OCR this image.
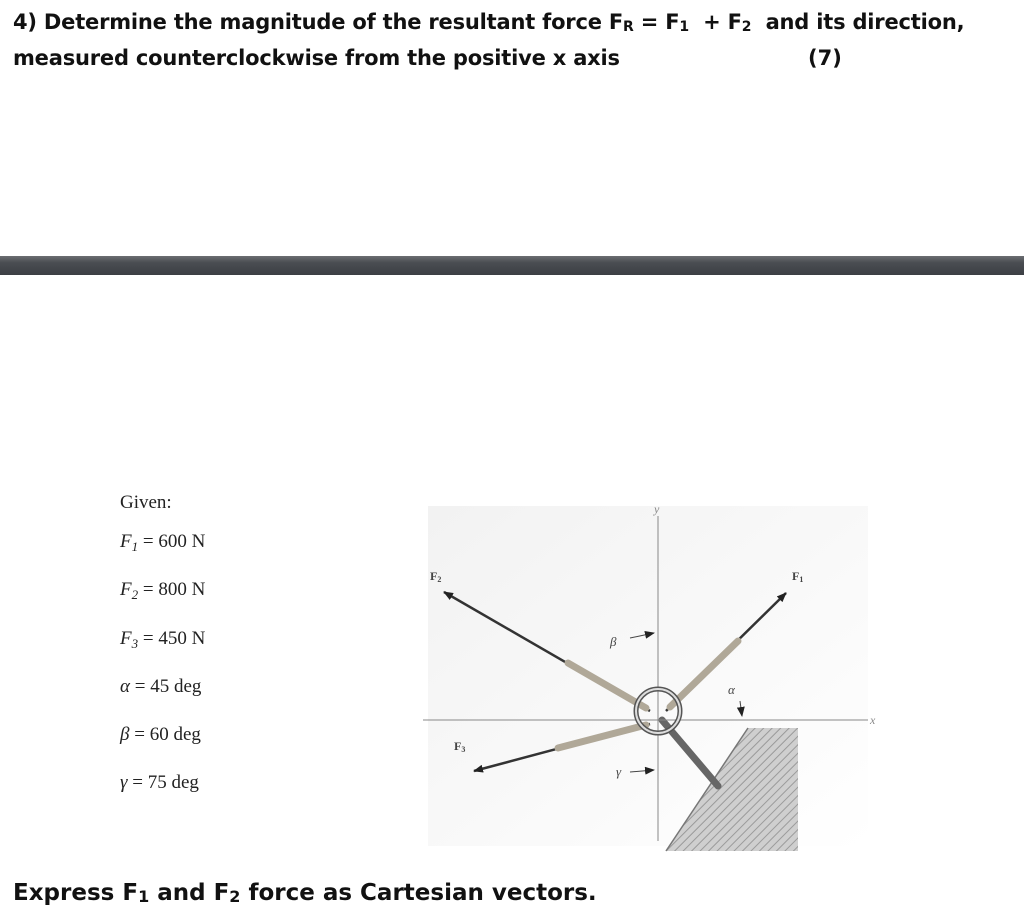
4) Determine the magnitude of the resultant force FR = F1  + F2  and its direction,
measured counterclockwise from the positive x axis	(7)
Given:
$F_1 = 600$ N
$F_2 = 800$ N
$F_3 = 450$ N
α = 45 deg
β = 60 deg
γ = 75 deg
y
x
F2	F1
F3
β
α
γ
Express F1 and F2 force as Cartesian vectors.
